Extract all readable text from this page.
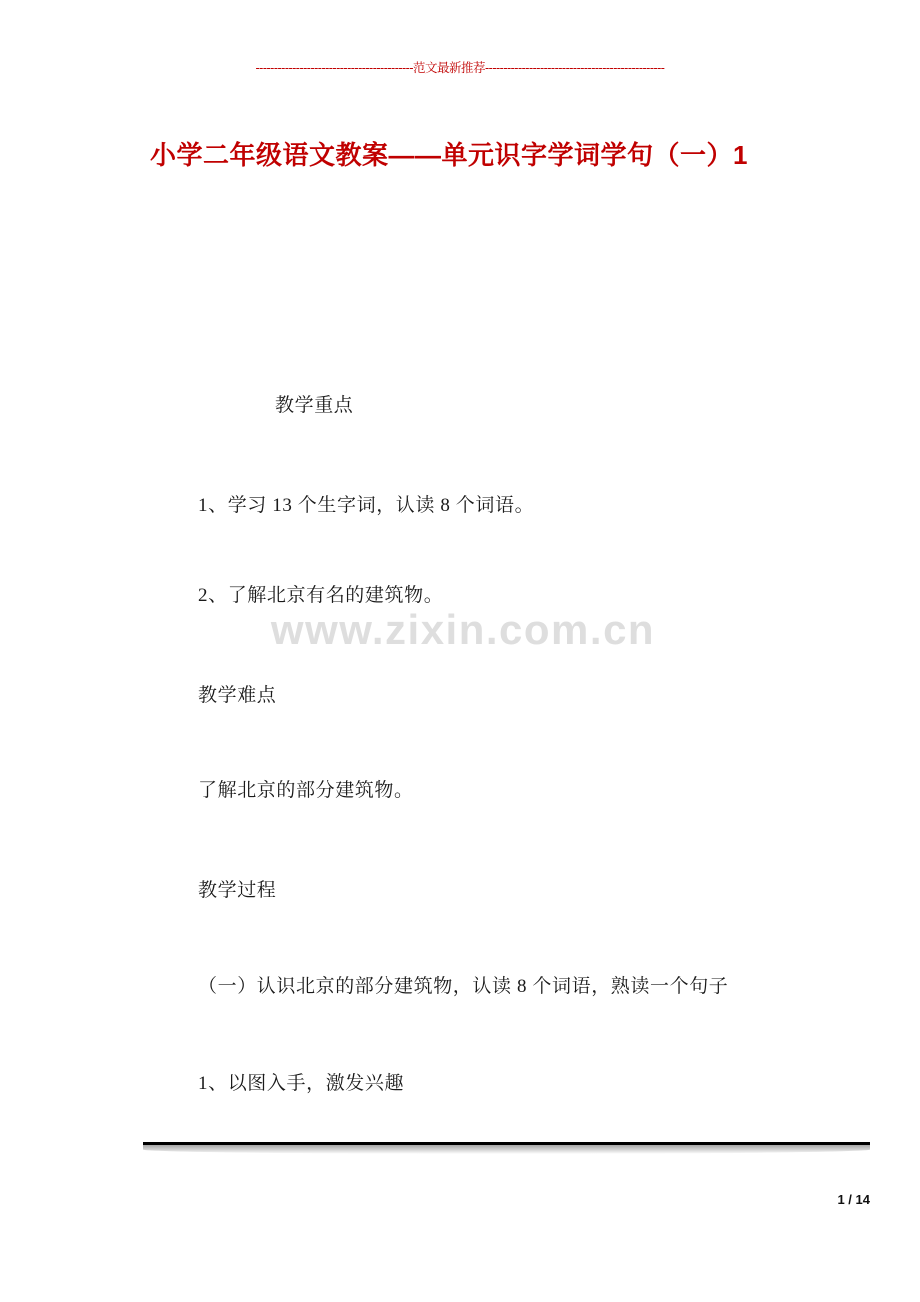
-------------------------------------------范文最新推荐-------------------------------------------------
小学二年级语文教案——单元识字学词学句（一）1
教学重点
1、学习 13 个生字词，认读 8 个词语。
2、了解北京有名的建筑物。
教学难点
了解北京的部分建筑物。
教学过程
（一）认识北京的部分建筑物，认读 8 个词语，熟读一个句子
1、以图入手，激发兴趣
www.zixin.com.cn
1 / 14
